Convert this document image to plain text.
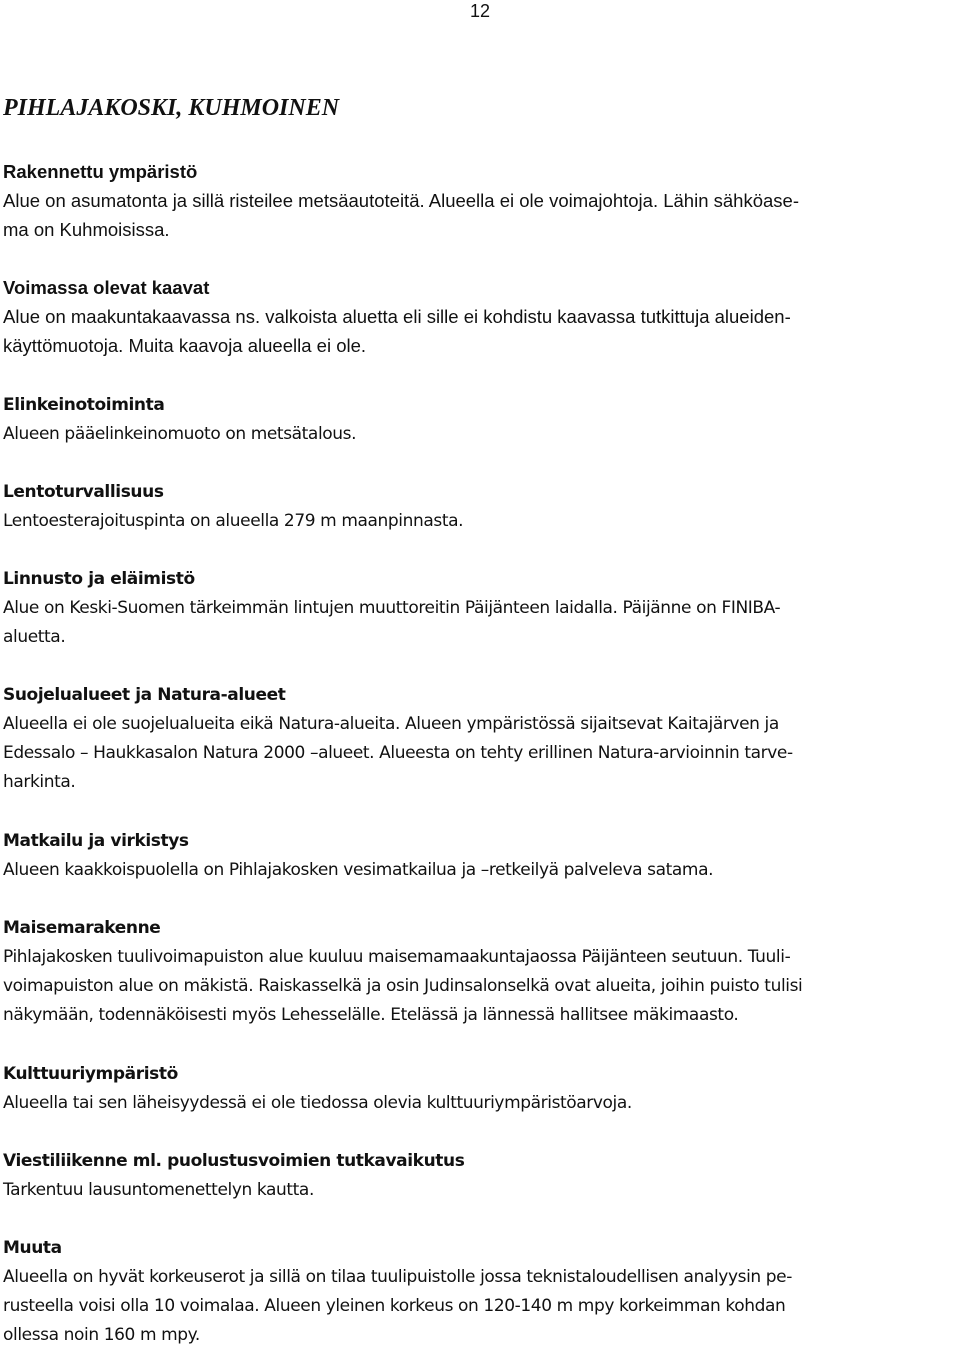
12
PIHLAJAKOSKI, KUHMOINEN

Rakennettu ympäristö

Alue on asumatonta ja sillä risteilee metsäautoteitä. Alueella ei ole voimajohtoja. Lähin sähköase-

ma on Kuhmoisissa.

Voimassa olevat kaavat

Alue on maakuntakaavassa ns. valkoista aluetta eli sille ei kohdistu kaavassa tutkittuja alueiden-

käyttömuotoja. Muita kaavoja alueella ei ole.

Elinkeinotoiminta

Alueen pääelinkeinomuoto on metsätalous.

Lentoturvallisuus

Lentoesterajoituspinta on alueella 279 m maanpinnasta.

Linnusto ja eläimistö

Alue on Keski-Suomen tärkeimmän lintujen muuttoreitin Päijänteen laidalla. Päijänne on FINIBA-

aluetta.

Suojelualueet ja Natura-alueet

Alueella ei ole suojelualueita eikä Natura-alueita. Alueen ympäristössä sijaitsevat Kaitajärven ja

Edessalo – Haukkasalon Natura 2000 –alueet. Alueesta on tehty erillinen Natura-arvioinnin tarve-

harkinta.

Matkailu ja virkistys

Alueen kaakkoispuolella on Pihlajakosken vesimatkailua ja –retkeilyä palveleva satama.

Maisemarakenne

Pihlajakosken tuulivoimapuiston alue kuuluu maisemamaakuntajaossa Päijänteen seutuun. Tuuli-

voimapuiston alue on mäkistä. Raiskasselkä ja osin Judinsalonselkä ovat alueita, joihin puisto tulisi

näkymään, todennäköisesti myös Lehesselälle. Etelässä ja lännessä hallitsee mäkimaasto.

Kulttuuriympäristö

Alueella tai sen läheisyydessä ei ole tiedossa olevia kulttuuriympäristöarvoja.

Viestiliikenne ml. puolustusvoimien tutkavaikutus

Tarkentuu lausuntomenettelyn kautta.

Muuta

Alueella on hyvät korkeuserot ja sillä on tilaa tuulipuistolle jossa teknistaloudellisen analyysin pe-

rusteella voisi olla 10 voimalaa. Alueen yleinen korkeus on 120-140 m mpy korkeimman kohdan

ollessa noin 160 m mpy.
